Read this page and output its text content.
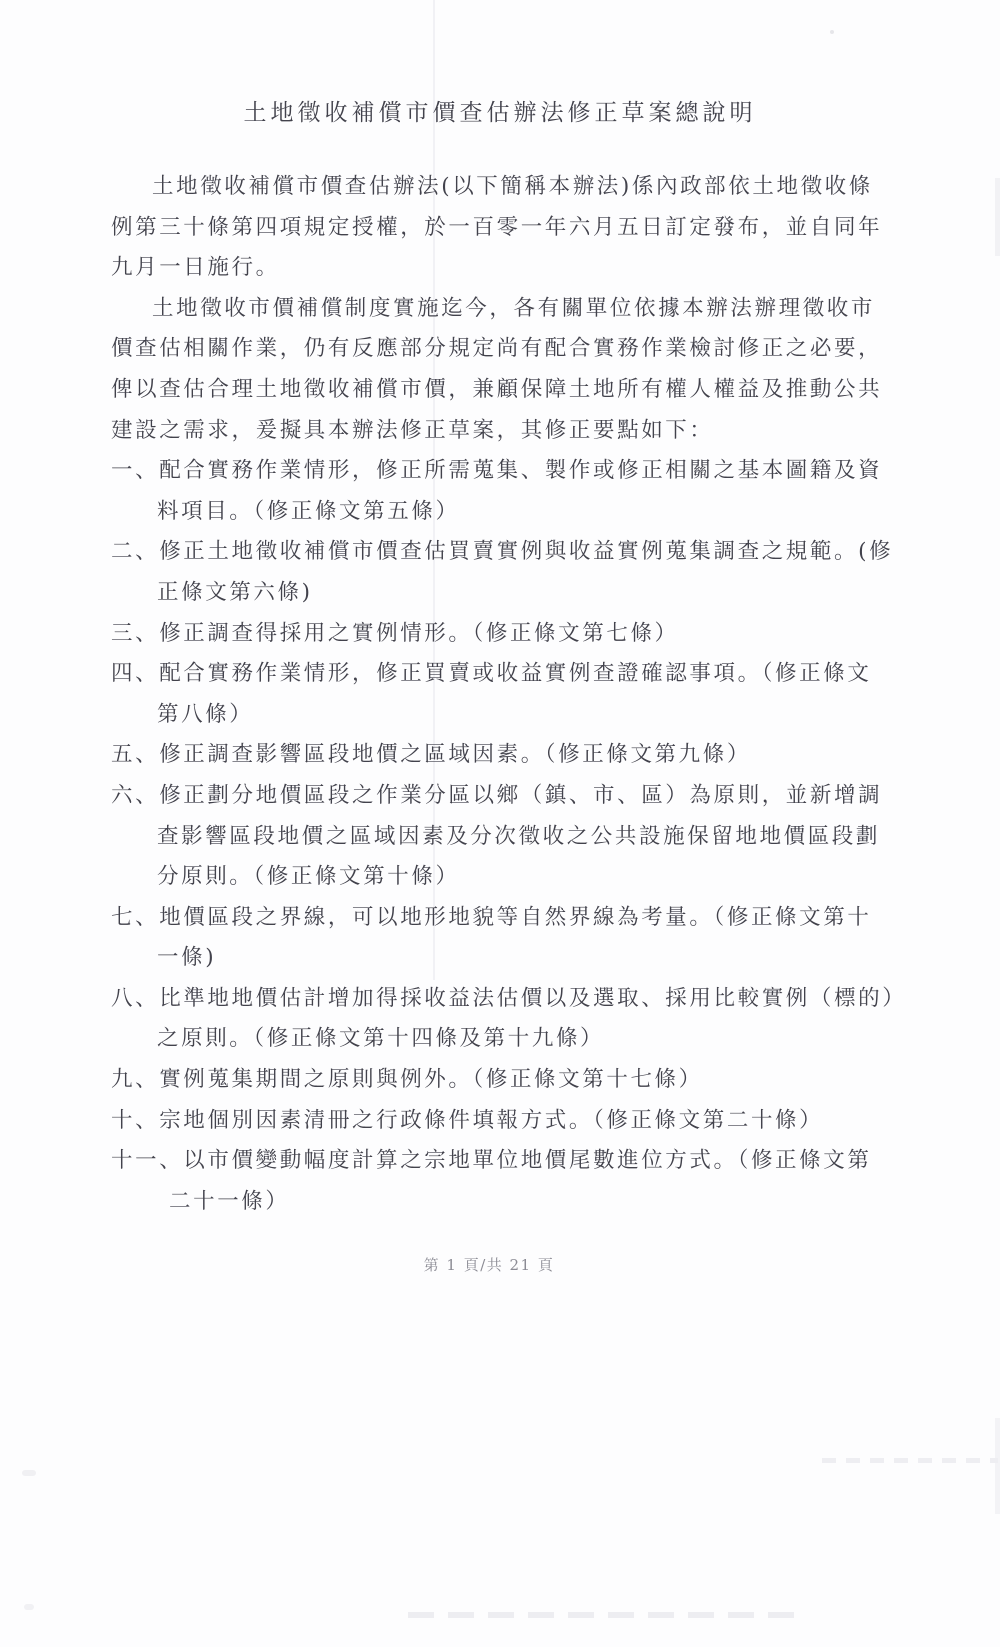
土地徵收補償市價查估辦法修正草案總說明
土地徵收補償市價查估辦法(以下簡稱本辦法)係內政部依土地徵收條
例第三十條第四項規定授權，於一百零一年六月五日訂定發布，並自同年
九月一日施行。
土地徵收市價補償制度實施迄今，各有關單位依據本辦法辦理徵收市
價查估相關作業，仍有反應部分規定尚有配合實務作業檢討修正之必要，
俾以查估合理土地徵收補償市價，兼顧保障土地所有權人權益及推動公共
建設之需求，爰擬具本辦法修正草案，其修正要點如下：
一、配合實務作業情形，修正所需蒐集、製作或修正相關之基本圖籍及資
料項目。（修正條文第五條）
二、修正土地徵收補償市價查估買賣實例與收益實例蒐集調查之規範。(修
正條文第六條)
三、修正調查得採用之實例情形。（修正條文第七條）
四、配合實務作業情形，修正買賣或收益實例查證確認事項。（修正條文
第八條）
五、修正調查影響區段地價之區域因素。（修正條文第九條）
六、修正劃分地價區段之作業分區以鄉（鎮、市、區）為原則，並新增調
查影響區段地價之區域因素及分次徵收之公共設施保留地地價區段劃
分原則。（修正條文第十條）
七、地價區段之界線，可以地形地貌等自然界線為考量。（修正條文第十
一條)
八、比準地地價估計增加得採收益法估價以及選取、採用比較實例（標的）
之原則。（修正條文第十四條及第十九條）
九、實例蒐集期間之原則與例外。（修正條文第十七條）
十、宗地個別因素清冊之行政條件填報方式。（修正條文第二十條）
十一、以市價變動幅度計算之宗地單位地價尾數進位方式。（修正條文第
二十一條）
第 1 頁/共 21 頁
